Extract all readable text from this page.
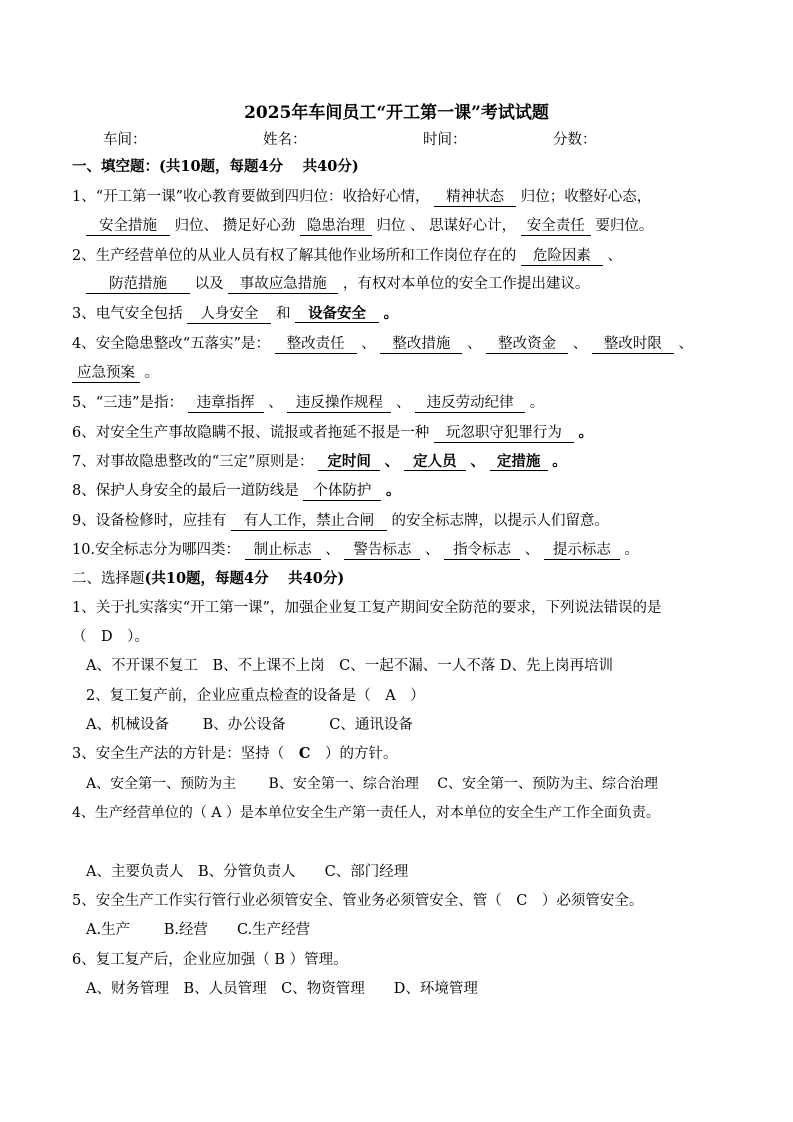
2025年车间员工“开工第一课”考试试题
车间：	姓名：	时间：	分数：
一、填空题：(共10题，每题4分　 共40分)
1、“开工第一课”收心教育要做到四归位：收拾好心情， 精神状态 归位；收整好心态，
安全措施 归位、 攒足好心劲 隐患治理 归位 、 思谋好心计， 安全责任 要归位。
2、生产经营单位的从业人员有权了解其他作业场所和工作岗位存在的 危险因素 、
防范措施 以及 事故应急措施 ，有权对本单位的安全工作提出建议。
3、电气安全包括 人身安全 和 设备安全 。
4、安全隐患整改“五落实”是： 整改责任 、 整改措施 、 整改资金 、 整改时限 、
应急预案 。
5、“三违”是指： 违章指挥 、 违反操作规程 、 违反劳动纪律 。
6、对安全生产事故隐瞒不报、谎报或者拖延不报是一种 玩忽职守犯罪行为 。
7、对事故隐患整改的“三定”原则是： 定时间 、 定人员 、 定措施 。
8、保护人身安全的最后一道防线是 个体防护 。
9、设备检修时，应挂有 有人工作，禁止合闸 的安全标志牌，以提示人们留意。
10.安全标志分为哪四类： 制止标志 、 警告标志 、 指令标志 、 提示标志 。
二、选择题(共10题，每题4分　 共40分)
1、关于扎实落实“开工第一课”，加强企业复工复产期间安全防范的要求，下列说法错误的是
（　D　）。
A、不开课不复工　B、不上课不上岗　C、一起不漏、一人不落 D、先上岗再培训
2、复工复产前，企业应重点检查的设备是（　A　）
A、机械设备　　 B、办公设备　　　C、通讯设备
3、安全生产法的方针是：坚持（ C ）的方针。
A、安全第一、预防为主　　 B、安全第一、综合治理　 C、安全第一、预防为主、综合治理
4、生产经营单位的（ A ）是本单位安全生产第一责任人，对本单位的安全生产工作全面负责。
A、主要负责人　B、分管负责人　　C、部门经理
5、安全生产工作实行管行业必须管安全、管业务必须管安全、管（　C　）必须管安全。
A.生产　　 B.经营　　C.生产经营
6、复工复产后，企业应加强（ B ）管理。
A、财务管理　B、人员管理　C、物资管理　　D、环境管理
